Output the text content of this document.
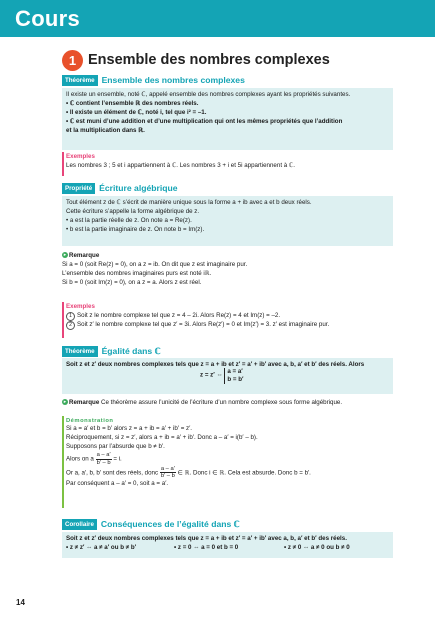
Cours
1 Ensemble des nombres complexes
Théorème Ensemble des nombres complexes

Il existe un ensemble, noté ℂ, appelé ensemble des nombres complexes ayant les propriétés suivantes.

• ℂ contient l’ensemble ℝ des nombres réels.

• Il existe un élément de ℂ, noté i, tel que i² = –1.

• ℂ est muni d’une addition et d’une multiplication qui ont les mêmes propriétés que l’addition

et la multiplication dans ℝ.

Exemples

Les nombres 3 ; 5 et i appartiennent à ℂ. Les nombres 3 + i et 5i appartiennent à ℂ.

Propriété Écriture algébrique

Tout élément z de ℂ s’écrit de manière unique sous la forme a + ib avec a et b deux réels.

Cette écriture s’appelle la forme algébrique de z.

• a est la partie réelle de z. On note a = Re(z).

• b est la partie imaginaire de z. On note b = Im(z).

▸ Remarque

Si a = 0 (soit Re(z) = 0), on a z = ib. On dit que z est imaginaire pur.

L’ensemble des nombres imaginaires purs est noté iℝ.

Si b = 0 (soit Im(z) = 0), on a z = a. Alors z est réel.

Exemples

1 Soit z le nombre complexe tel que z = 4 – 2i. Alors Re(z) = 4 et Im(z) = –2.

2 Soit z′ le nombre complexe tel que z′ = 3i. Alors Re(z′) = 0 et Im(z′) = 3. z′ est imaginaire pur.

Théorème Égalité dans ℂ

Soit z et z′ deux nombres complexes tels que z = a + ib et z′ = a′ + ib′ avec a, b, a′ et b′ des réels. Alors

z = z′ ⇔
a = a′
b = b′

▸ Remarque Ce théorème assure l’unicité de l’écriture d’un nombre complexe sous forme algébrique.

Démonstration

Si a = a′ et b = b′ alors z = a + ib = a′ + ib′ = z′.

Réciproquement, si z = z′, alors a + ib = a′ + ib′. Donc a – a′ = i(b′ – b).

Supposons par l’absurde que b ≠ b′.

Alors on a $\frac{a - a'}{b' - b} = i$.

Or a, a′, b, b′ sont des réels, donc $\frac{a - a'}{b' - b}$ ∈ ℝ. Donc i ∈ ℝ. Cela est absurde. Donc b = b′.

Par conséquent a – a′ = 0, soit a = a′.

Corollaire Conséquences de l’égalité dans ℂ

Soit z et z′ deux nombres complexes tels que z = a + ib et z′ = a′ + ib′ avec a, b, a′ et b′ des réels.

• z ≠ z′ ⇔ a ≠ a′ ou b ≠ b′	• z = 0 ⇔ a = 0 et b = 0	• z ≠ 0 ⇔ a ≠ 0 ou b ≠ 0

14
